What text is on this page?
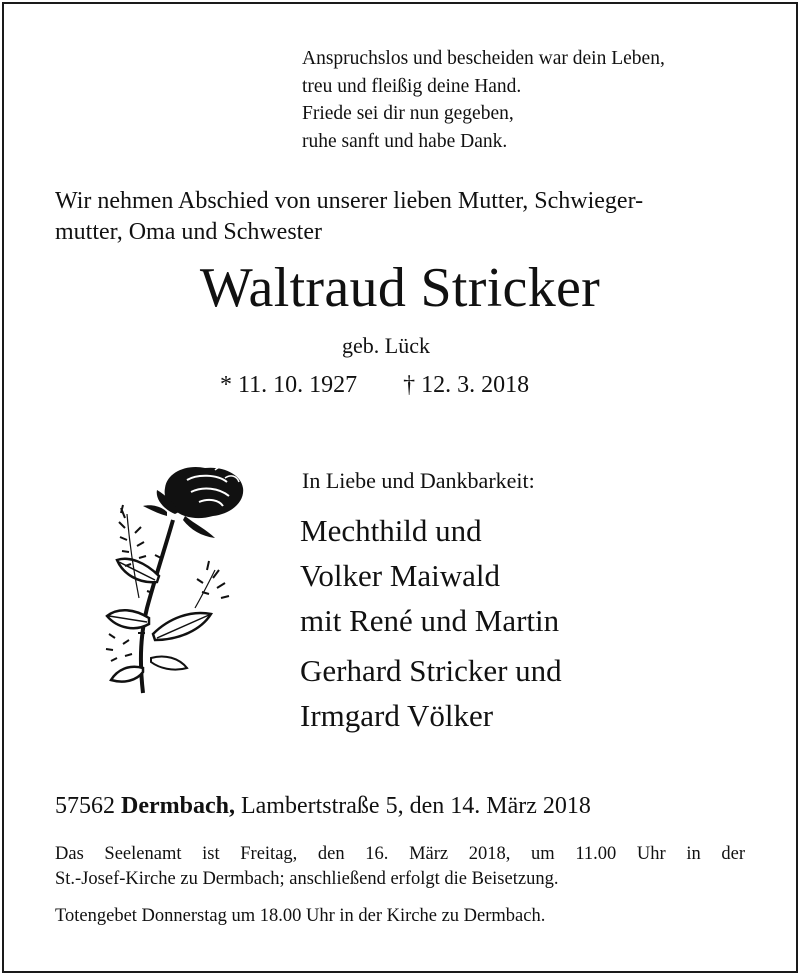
Anspruchslos und bescheiden war dein Leben,
treu und fleißig deine Hand.
Friede sei dir nun gegeben,
ruhe sanft und habe Dank.
Wir nehmen Abschied von unserer lieben Mutter, Schwieger-
mutter, Oma und Schwester
Waltraud Stricker
geb. Lück
* 11. 10. 1927 † 12. 3. 2018
In Liebe und Dankbarkeit:
Mechthild und
Volker Maiwald
mit René und Martin
Gerhard Stricker und
Irmgard Völker
57562 Dermbach, Lambertstraße 5, den 14. März 2018
Das Seelenamt ist Freitag, den 16. März 2018, um 11.00 Uhr in der
St.-Josef-Kirche zu Dermbach; anschließend erfolgt die Beisetzung.
Totengebet Donnerstag um 18.00 Uhr in der Kirche zu Dermbach.
